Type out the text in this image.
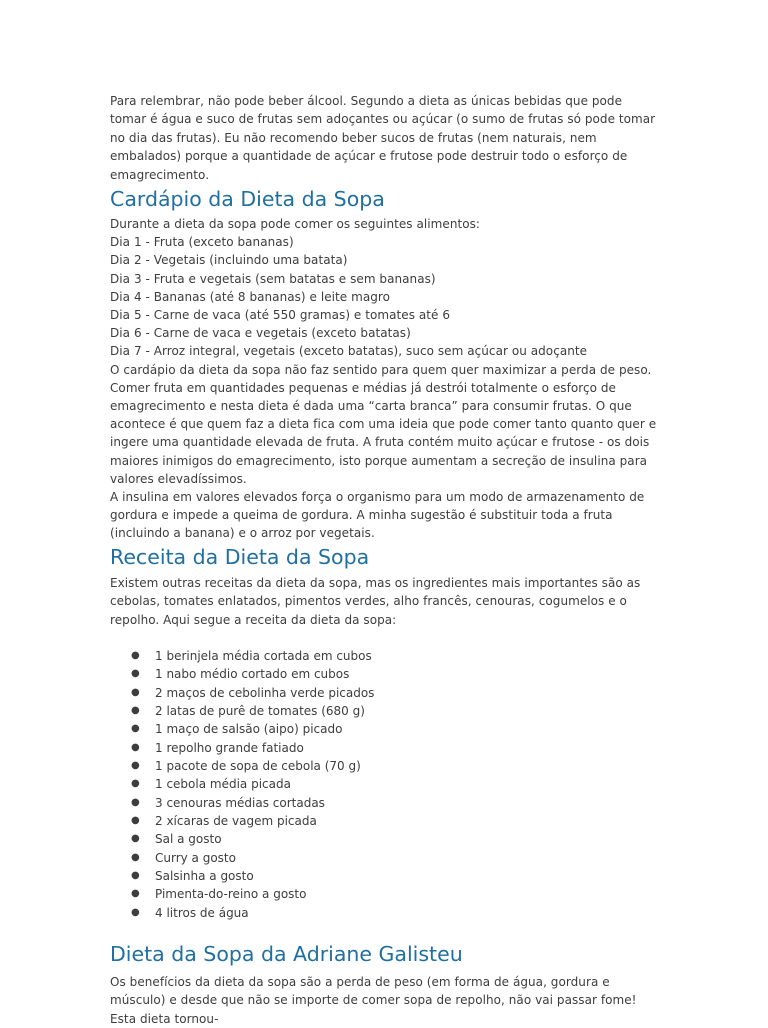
Para relembrar, não pode beber álcool. Segundo a dieta as únicas bebidas que pode tomar é água e suco de frutas sem adoçantes ou açúcar (o sumo de frutas só pode tomar no dia das frutas). Eu não recomendo beber sucos de frutas (nem naturais, nem embalados) porque a quantidade de açúcar e frutose pode destruir todo o esforço de emagrecimento.

Cardápio da Dieta da Sopa

Durante a dieta da sopa pode comer os seguintes alimentos:

Dia 1 - Fruta (exceto bananas)

Dia 2 - Vegetais (incluindo uma batata)

Dia 3 - Fruta e vegetais (sem batatas e sem bananas)

Dia 4 - Bananas (até 8 bananas) e leite magro

Dia 5 - Carne de vaca (até 550 gramas) e tomates até 6

Dia 6 - Carne de vaca e vegetais (exceto batatas)

Dia 7 - Arroz integral, vegetais (exceto batatas), suco sem açúcar ou adoçante

O cardápio da dieta da sopa não faz sentido para quem quer maximizar a perda de peso. Comer fruta em quantidades pequenas e médias já destrói totalmente o esforço de emagrecimento e nesta dieta é dada uma “carta branca” para consumir frutas. O que acontece é que quem faz a dieta fica com uma ideia que pode comer tanto quanto quer e ingere uma quantidade elevada de fruta. A fruta contém muito açúcar e frutose - os dois maiores inimigos do emagrecimento, isto porque aumentam a secreção de insulina para valores elevadíssimos.

A insulina em valores elevados força o organismo para um modo de armazenamento de gordura e impede a queima de gordura. A minha sugestão é substituir toda a fruta (incluindo a banana) e o arroz por vegetais.

Receita da Dieta da Sopa

Existem outras receitas da dieta da sopa, mas os ingredientes mais importantes são as cebolas, tomates enlatados, pimentos verdes, alho francês, cenouras, cogumelos e o repolho. Aqui segue a receita da dieta da sopa:

● 1 berinjela média cortada em cubos
● 1 nabo médio cortado em cubos
● 2 maços de cebolinha verde picados
● 2 latas de purê de tomates (680 g)
● 1 maço de salsão (aipo) picado
● 1 repolho grande fatiado
● 1 pacote de sopa de cebola (70 g)
● 1 cebola média picada
● 3 cenouras médias cortadas
● 2 xícaras de vagem picada
● Sal a gosto
● Curry a gosto
● Salsinha a gosto
● Pimenta-do-reino a gosto
● 4 litros de água
Dieta da Sopa da Adriane Galisteu

Os benefícios da dieta da sopa são a perda de peso (em forma de água, gordura e músculo) e desde que não se importe de comer sopa de repolho, não vai passar fome! Esta dieta tornou-
